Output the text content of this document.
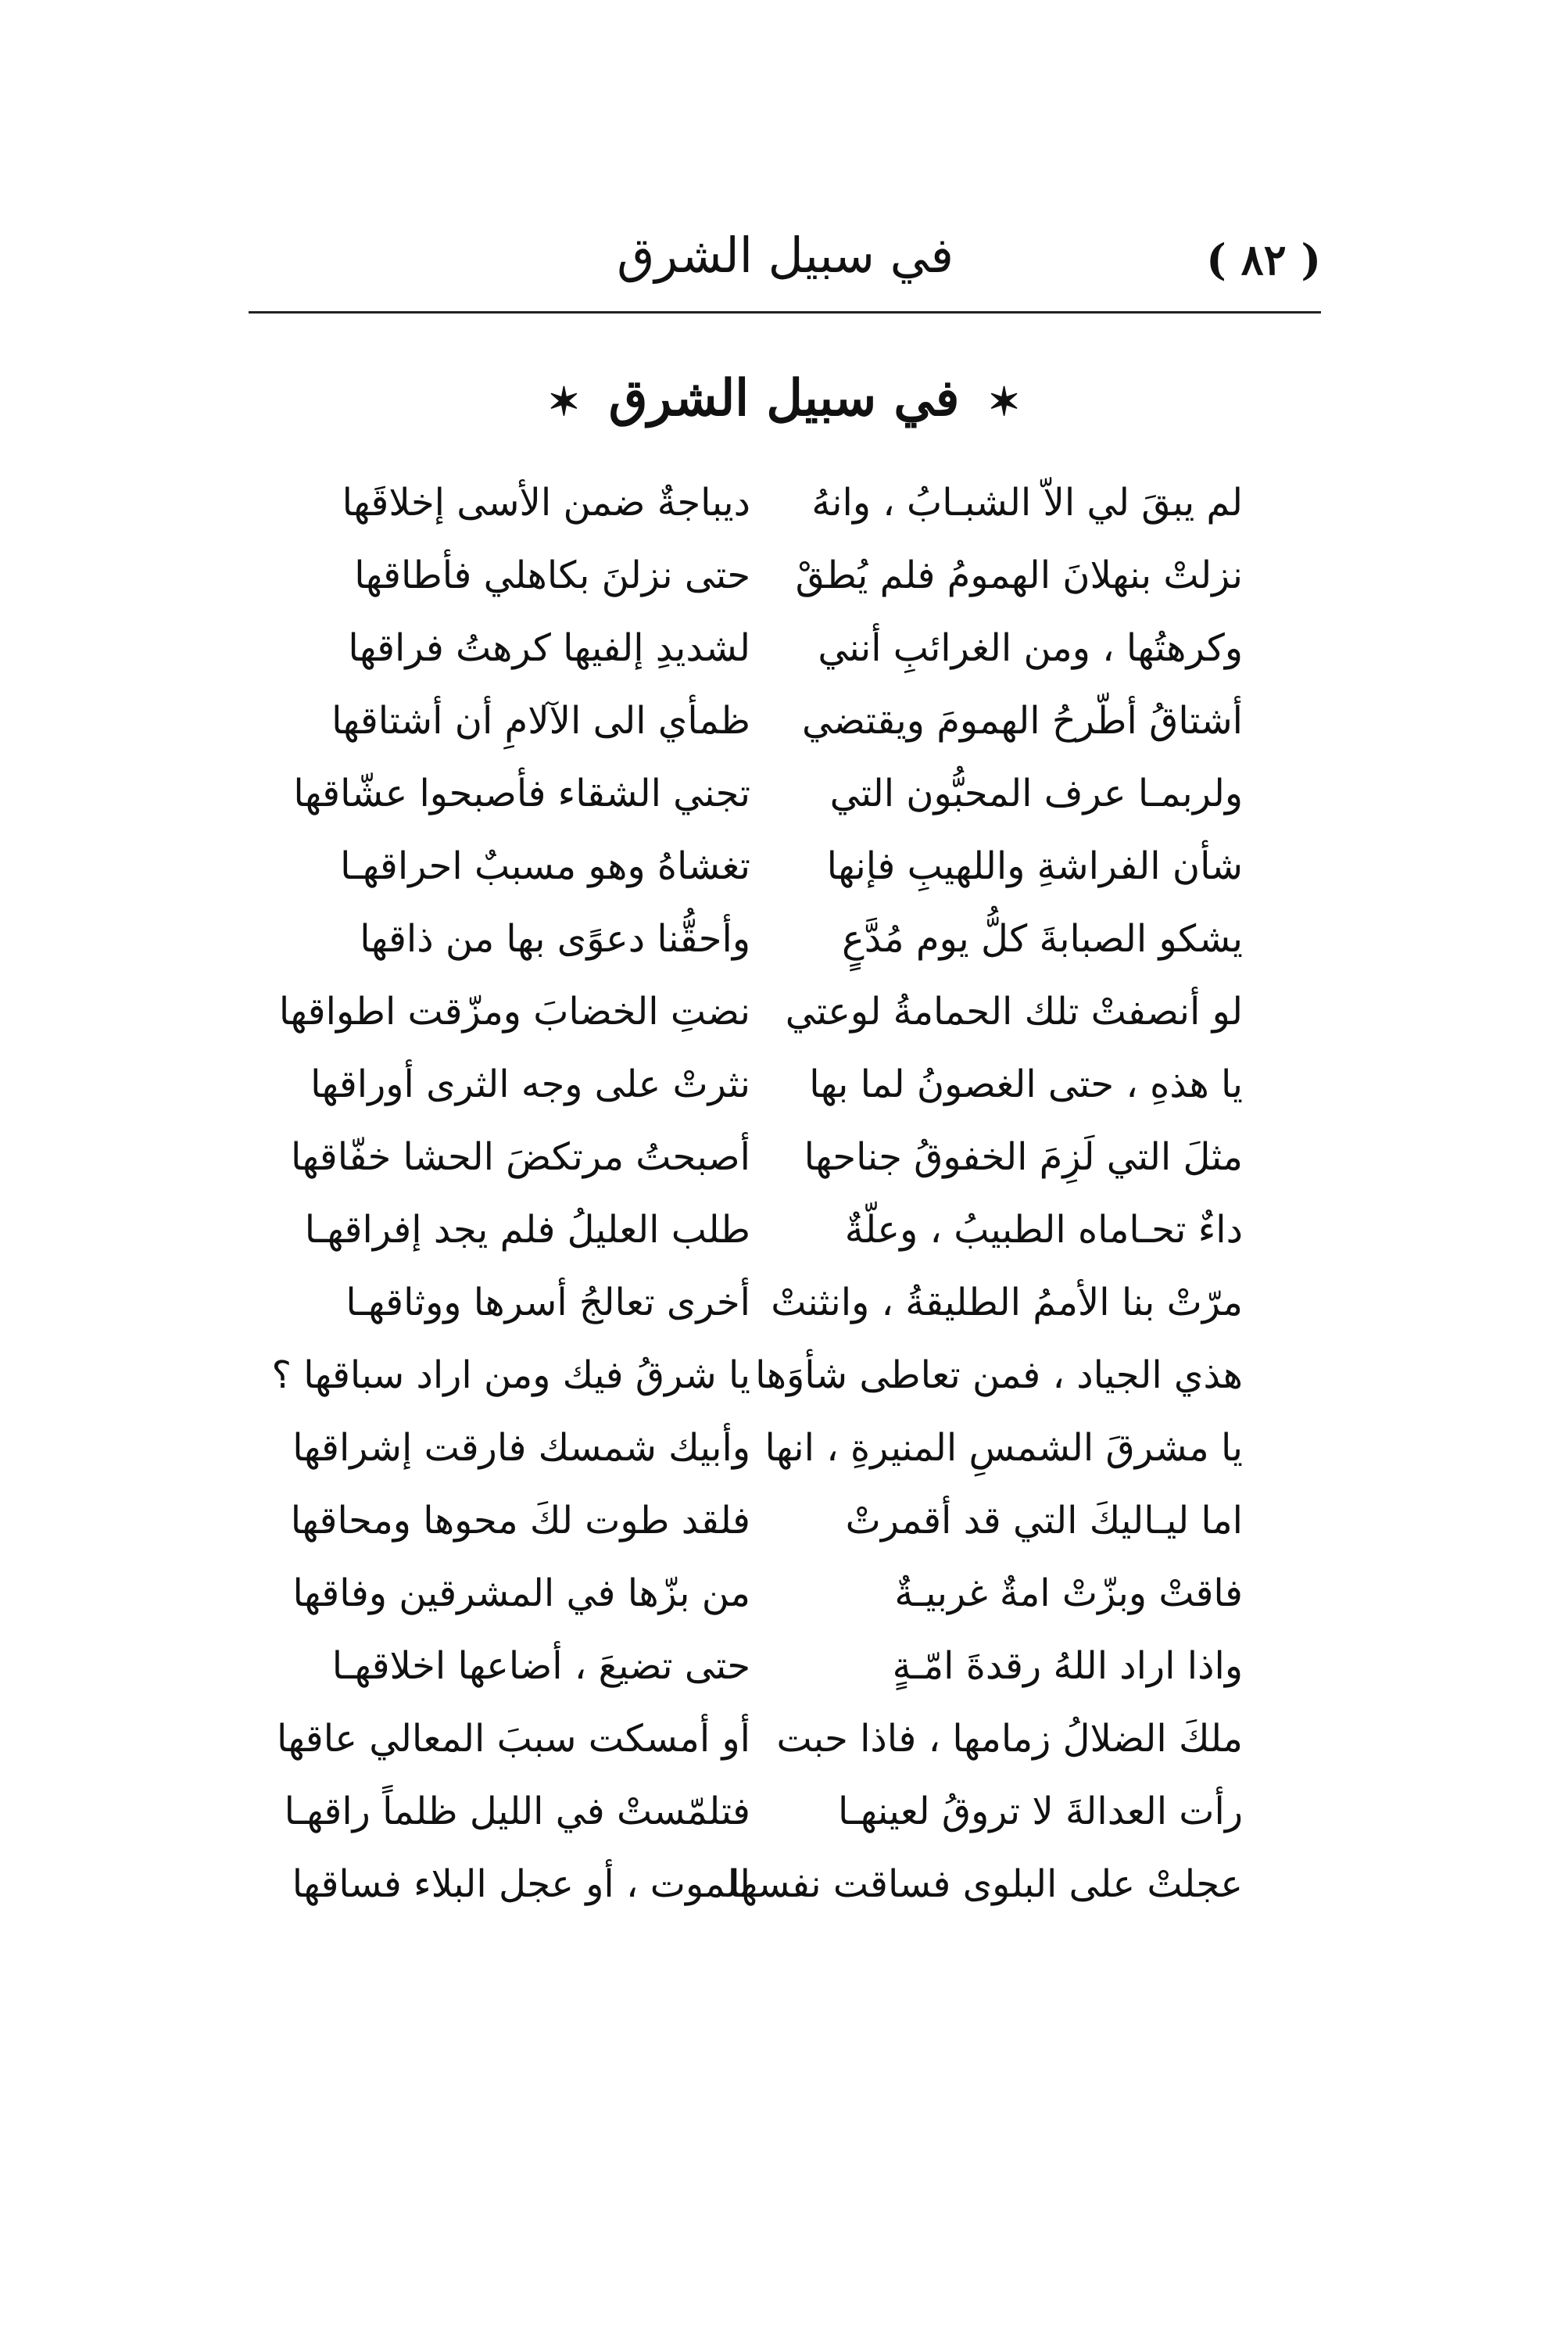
( ٨٢ )
في سبيل الشرق
✶ في سبيل الشرق ✶
لم يبقَ لي الاّ الشبـابُ ، وانهُ
ديباجةٌ ضمن الأسى إخلاقَها
نزلتْ بنهلانَ الهمومُ فلم يُطقْ
حتى نزلنَ بكاهلي فأطاقها
وكرهتُها ، ومن الغرائبِ أنني
لشديدِ إلفيها كرهتُ فراقها
أشتاقُ أطّرحُ الهمومَ ويقتضي
ظمأي الى الآلامِ أن أشتاقها
ولربمـا عرف المحبُّون التي
تجني الشقاء فأصبحوا عشّاقها
شأن الفراشةِ واللهيبِ فإنها
تغشاهُ وهو مسببٌ احراقهـا
يشكو الصبابةَ كلُّ يوم مُدَّعٍ
وأحقُّنا دعوًى بها من ذاقها
لو أنصفتْ تلك الحمامةُ لوعتي
نضتِ الخضابَ ومزّقت اطواقها
يا هذهِ ، حتى الغصونُ لما بها
نثرتْ على وجه الثرى أوراقها
مثلَ التي لَزِمَ الخفوقُ جناحها
أصبحتُ مرتكضَ الحشا خفّاقها
داءٌ تحـاماه الطبيبُ ، وعلّةٌ
طلب العليلُ فلم يجد إفراقهـا
مرّتْ بنا الأممُ الطليقةُ ، وانثنتْ
أخرى تعالجُ أسرها ووثاقهـا
هذي الجياد ، فمن تعاطى شأوَها
يا شرقُ فيك ومن اراد سباقها ؟
يا مشرقَ الشمسِ المنيرةِ ، انها
وأبيك شمسك فارقت إشراقها
اما ليـاليكَ التي قد أقمرتْ
فلقد طوت لكَ محوها ومحاقها
فاقتْ وبزّتْ امةٌ غربيـةٌ
من بزّها في المشرقين وفاقها
واذا اراد اللهُ رقدةَ امّـةٍ
حتى تضيعَ ، أضاعها اخلاقهـا
ملكَ الضلالُ زمامها ، فاذا حبت
أو أمسكت سببَ المعالي عاقها
رأت العدالةَ لا تروقُ لعينهـا
فتلمّستْ في الليل ظلماً راقهـا
عجلتْ على البلوى فساقت نفسها
للموت ، أو عجل البلاء فساقها
